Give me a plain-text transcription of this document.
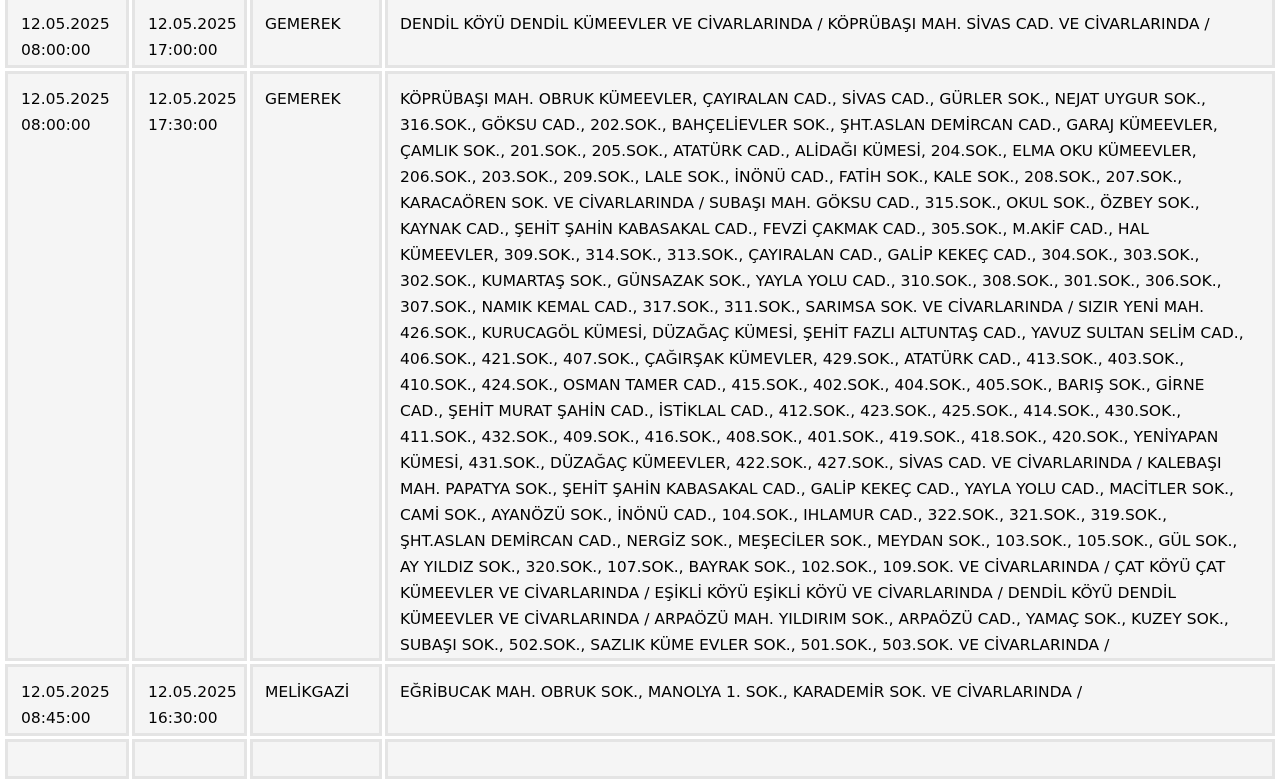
12.05.2025
08:00:00	12.05.2025
17:00:00	GEMEREK	DENDİL KÖYÜ DENDİL KÜMEEVLER VE CİVARLARINDA / KÖPRÜBAŞI MAH. SİVAS CAD. VE CİVARLARINDA /

12.05.2025
08:00:00	12.05.2025
17:30:00	GEMEREK	KÖPRÜBAŞI MAH. OBRUK KÜMEEVLER, ÇAYIRALAN CAD., SİVAS CAD., GÜRLER SOK., NEJAT UYGUR SOK., 316.SOK., GÖKSU CAD., 202.SOK., BAHÇELİEVLER SOK., ŞHT.ASLAN DEMİRCAN CAD., GARAJ KÜMEEVLER, ÇAMLIK SOK., 201.SOK., 205.SOK., ATATÜRK CAD., ALİDAĞI KÜMESİ, 204.SOK., ELMA OKU KÜMEEVLER, 206.SOK., 203.SOK., 209.SOK., LALE SOK., İNÖNÜ CAD., FATİH SOK., KALE SOK., 208.SOK., 207.SOK., KARACAÖREN SOK. VE CİVARLARINDA / SUBAŞI MAH. GÖKSU CAD., 315.SOK., OKUL SOK., ÖZBEY SOK., KAYNAK CAD., ŞEHİT ŞAHİN KABASAKAL CAD., FEVZİ ÇAKMAK CAD., 305.SOK., M.AKİF CAD., HAL KÜMEEVLER, 309.SOK., 314.SOK., 313.SOK., ÇAYIRALAN CAD., GALİP KEKEÇ CAD., 304.SOK., 303.SOK., 302.SOK., KUMARTAŞ SOK., GÜNSAZAK SOK., YAYLA YOLU CAD., 310.SOK., 308.SOK., 301.SOK., 306.SOK., 307.SOK., NAMIK KEMAL CAD., 317.SOK., 311.SOK., SARIMSA SOK. VE CİVARLARINDA / SIZIR YENİ MAH. 426.SOK., KURUCAGÖL KÜMESİ, DÜZAĞAÇ KÜMESİ, ŞEHİT FAZLI ALTUNTAŞ CAD., YAVUZ SULTAN SELİM CAD., 406.SOK., 421.SOK., 407.SOK., ÇAĞIRŞAK KÜMEVLER, 429.SOK., ATATÜRK CAD., 413.SOK., 403.SOK., 410.SOK., 424.SOK., OSMAN TAMER CAD., 415.SOK., 402.SOK., 404.SOK., 405.SOK., BARIŞ SOK., GİRNE CAD., ŞEHİT MURAT ŞAHİN CAD., İSTİKLAL CAD., 412.SOK., 423.SOK., 425.SOK., 414.SOK., 430.SOK., 411.SOK., 432.SOK., 409.SOK., 416.SOK., 408.SOK., 401.SOK., 419.SOK., 418.SOK., 420.SOK., YENİYAPAN KÜMESİ, 431.SOK., DÜZAĞAÇ KÜMEEVLER, 422.SOK., 427.SOK., SİVAS CAD. VE CİVARLARINDA / KALEBAŞI MAH. PAPATYA SOK., ŞEHİT ŞAHİN KABASAKAL CAD., GALİP KEKEÇ CAD., YAYLA YOLU CAD., MACİTLER SOK., CAMİ SOK., AYANÖZÜ SOK., İNÖNÜ CAD., 104.SOK., IHLAMUR CAD., 322.SOK., 321.SOK., 319.SOK., ŞHT.ASLAN DEMİRCAN CAD., NERGİZ SOK., MEŞECİLER SOK., MEYDAN SOK., 103.SOK., 105.SOK., GÜL SOK., AY YILDIZ SOK., 320.SOK., 107.SOK., BAYRAK SOK., 102.SOK., 109.SOK. VE CİVARLARINDA / ÇAT KÖYÜ ÇAT KÜMEEVLER VE CİVARLARINDA / EŞİKLİ KÖYÜ EŞİKLİ KÖYÜ VE CİVARLARINDA / DENDİL KÖYÜ DENDİL KÜMEEVLER VE CİVARLARINDA / ARPAÖZÜ MAH. YILDIRIM SOK., ARPAÖZÜ CAD., YAMAÇ SOK., KUZEY SOK., SUBAŞI SOK., 502.SOK., SAZLIK KÜME EVLER SOK., 501.SOK., 503.SOK. VE CİVARLARINDA /

12.05.2025
08:45:00	12.05.2025
16:30:00	MELİKGAZİ	EĞRİBUCAK MAH. OBRUK SOK., MANOLYA 1. SOK., KARADEMİR SOK. VE CİVARLARINDA /
